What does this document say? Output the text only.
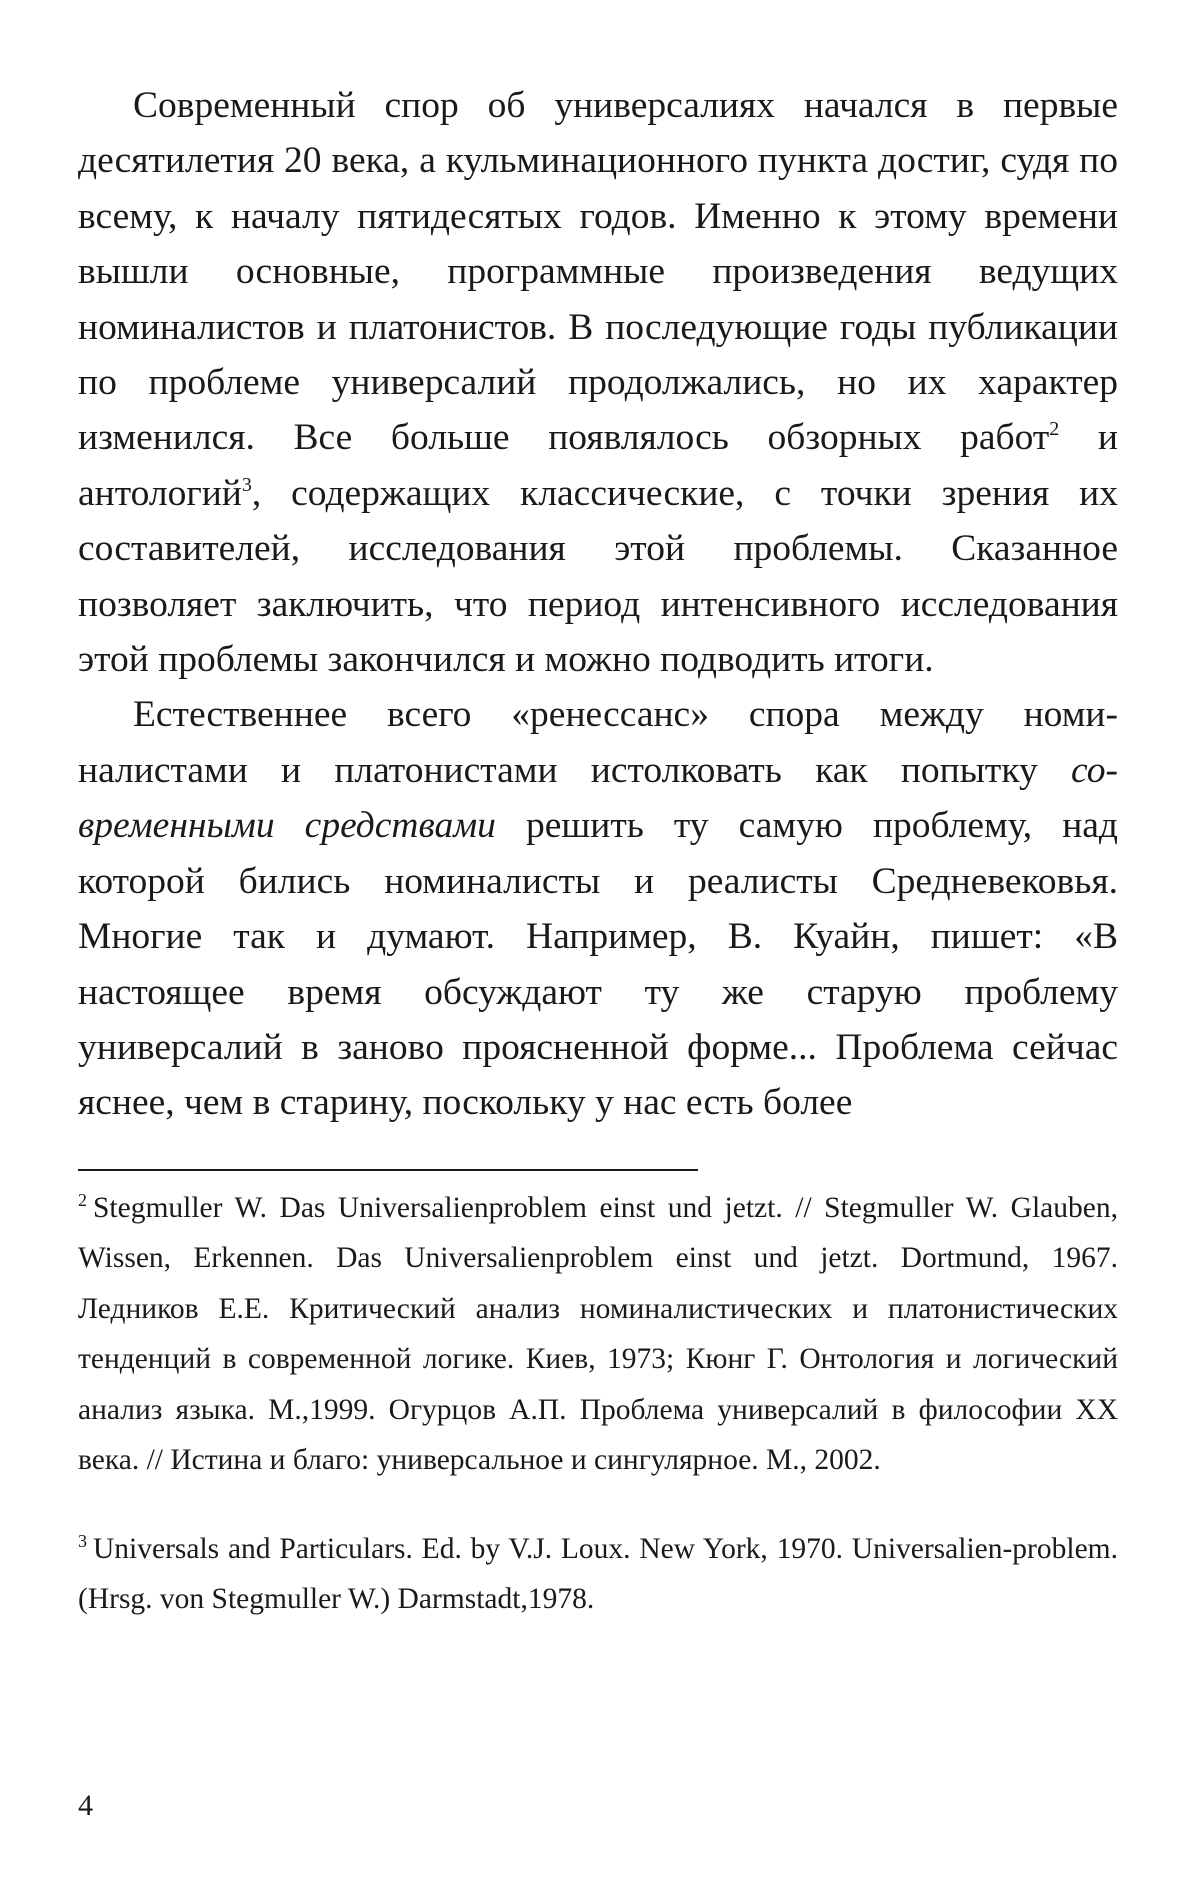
Современный спор об универсалиях начался в первые десятилетия 20 века, а кульминационного пункта достиг, судя по всему, к началу пятидесятых годов. Именно к этому времени вышли основные, программные произведения ведущих номиналистов и платонистов. В последующие годы публикации по проблеме универсалий продолжались, но их характер изменился. Все больше появлялось обзорных работ$^2$ и антологий$^3$, содержащих классические, с точки зрения их составителей, исследования этой проблемы. Сказанное позволяет заключить, что период интенсивного исследования этой проблемы закончился и можно подводить итоги.

Естественнее всего «ренессанс» спора между номиналистами и платонистами истолковать как попытку современными средствами решить ту самую проблему, над которой бились номиналисты и реалисты Средневековья. Многие так и думают. Например, В. Куайн, пишет: «В настоящее время обсуждают ту же старую проблему универсалий в заново проясненной форме... Проблема сейчас яснее, чем в старину, поскольку у нас есть более

$^2$ Stegmuller W. Das Universalienproblem einst und jetzt. // Stegmuller W. Glauben, Wissen, Erkennen. Das Universalienproblem einst und jetzt. Dortmund, 1967. Ледников Е.Е. Критический анализ номиналистических и платонистических тенденций в современной логике. Киев, 1973; Кюнг Г. Онтология и логический анализ языка. М.,1999. Огурцов А.П. Проблема универсалий в философии XX века. // Истина и благо: универсальное и сингулярное. М., 2002.

$^3$ Universals and Particulars. Ed. by V.J. Loux. New York, 1970. Universalien-problem. (Hrsg. von Stegmuller W.) Darmstadt,1978.

4
